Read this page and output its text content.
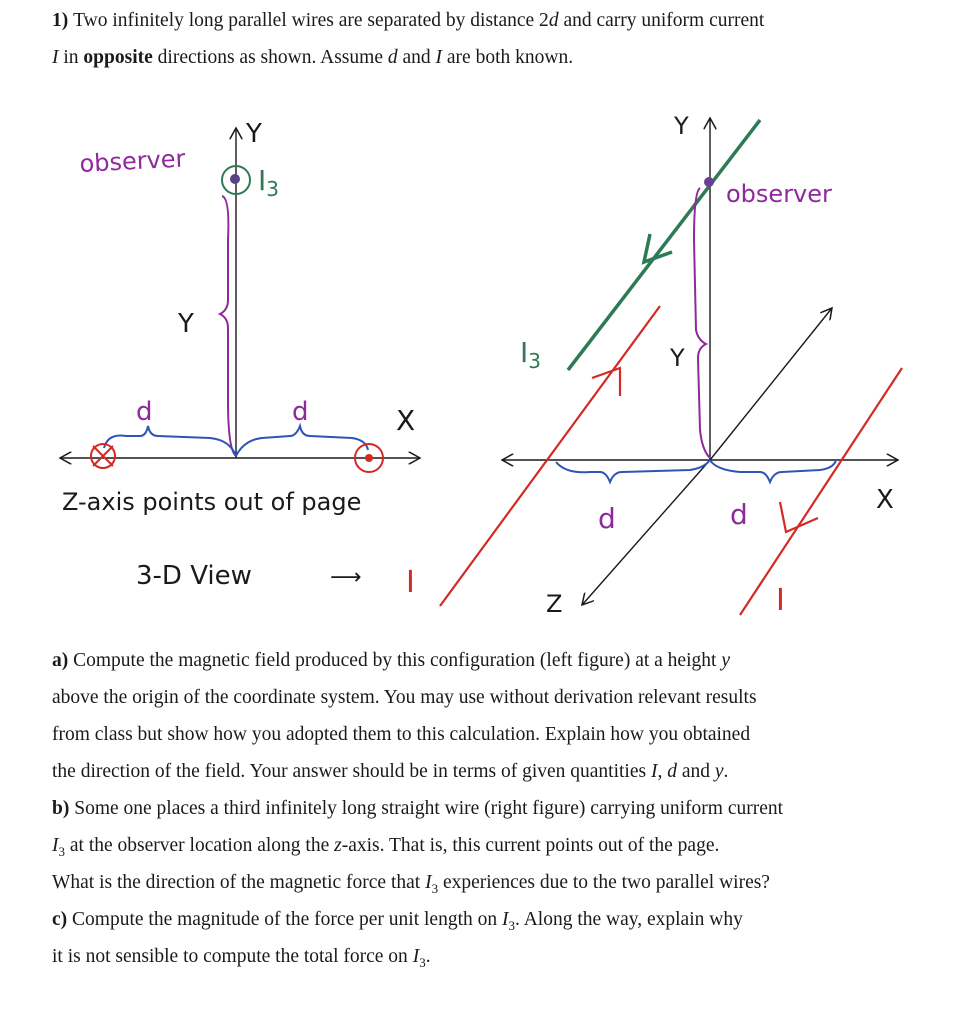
1) Two infinitely long parallel wires are separated by distance 2d and carry uniform current
I in opposite directions as shown. Assume d and I are both known.
Y
observer
$I_3$
Y
d	d	X
Z-axis points out of page
3-D View	⟶ I
Y
Z
observer
$I_3$	Y
I
d	d	X
a) Compute the magnetic field produced by this configuration (left figure) at a height y
above the origin of the coordinate system. You may use without derivation relevant results
from class but show how you adopted them to this calculation. Explain how you obtained
the direction of the field. Your answer should be in terms of given quantities I, d and y.
b) Some one places a third infinitely long straight wire (right figure) carrying uniform current
$I_3$ at the observer location along the z-axis. That is, this current points out of the page.
What is the direction of the magnetic force that $I_3$ experiences due to the two parallel wires?
c) Compute the magnitude of the force per unit length on $I_3$. Along the way, explain why
it is not sensible to compute the total force on $I_3$.
